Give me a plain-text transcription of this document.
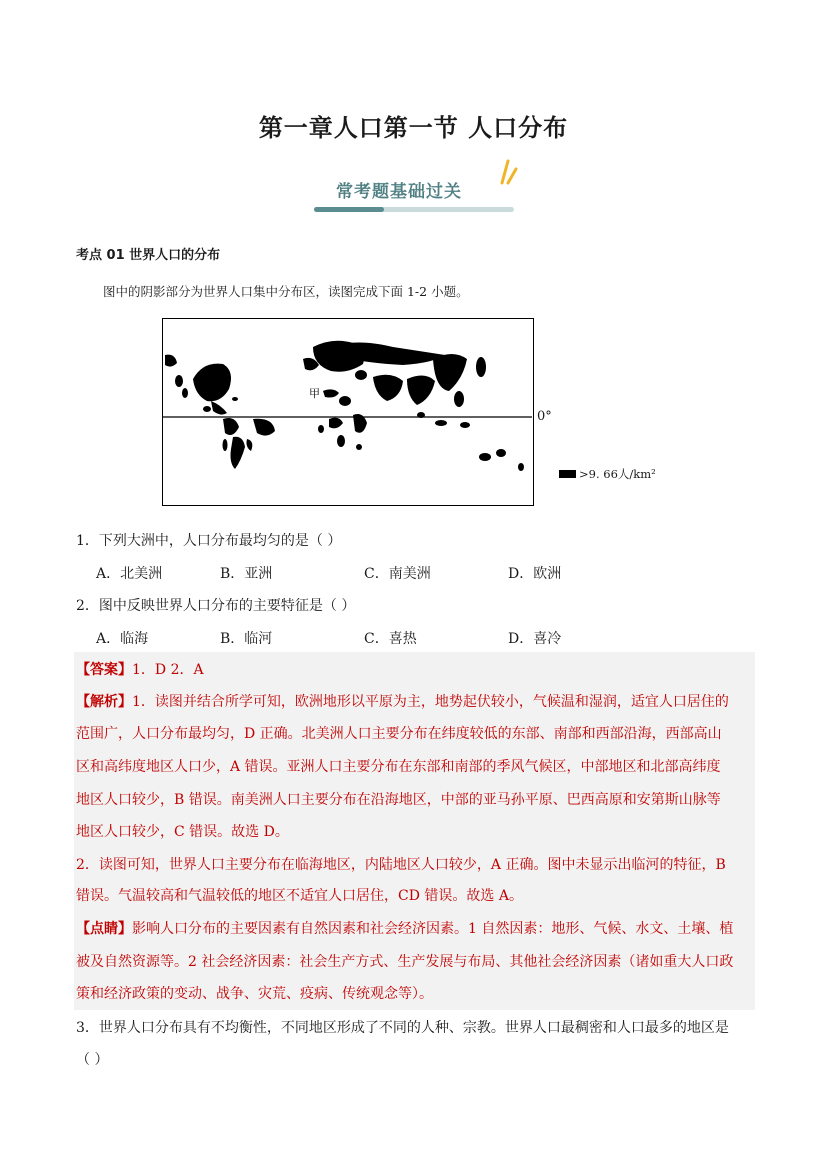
第一章人口第一节 人口分布
常考题基础过关
考点 01 世界人口的分布
图中的阴影部分为世界人口集中分布区，读图完成下面 1-2 小题。
甲
0°
>9. 66人/km²
1．下列大洲中，人口分布最均匀的是（ ）
A．北美洲	B．亚洲	C．南美洲	D．欧洲
2．图中反映世界人口分布的主要特征是（ ）
A．临海	B．临河	C．喜热	D．喜冷
【答案】1．D 2．A
【解析】1．读图并结合所学可知，欧洲地形以平原为主，地势起伏较小，气候温和湿润，适宜人口居住的
范围广，人口分布最均匀，D 正确。北美洲人口主要分布在纬度较低的东部、南部和西部沿海，西部高山
区和高纬度地区人口少，A 错误。亚洲人口主要分布在东部和南部的季风气候区，中部地区和北部高纬度
地区人口较少，B 错误。南美洲人口主要分布在沿海地区，中部的亚马孙平原、巴西高原和安第斯山脉等
地区人口较少，C 错误。故选 D。
2．读图可知，世界人口主要分布在临海地区，内陆地区人口较少，A 正确。图中未显示出临河的特征，B
错误。气温较高和气温较低的地区不适宜人口居住，CD 错误。故选 A。
【点睛】影响人口分布的主要因素有自然因素和社会经济因素。1 自然因素：地形、气候、水文、土壤、植
被及自然资源等。2 社会经济因素：社会生产方式、生产发展与布局、其他社会经济因素（诸如重大人口政
策和经济政策的变动、战争、灾荒、疫病、传统观念等）。
3．世界人口分布具有不均衡性，不同地区形成了不同的人种、宗教。世界人口最稠密和人口最多的地区是
（ ）
